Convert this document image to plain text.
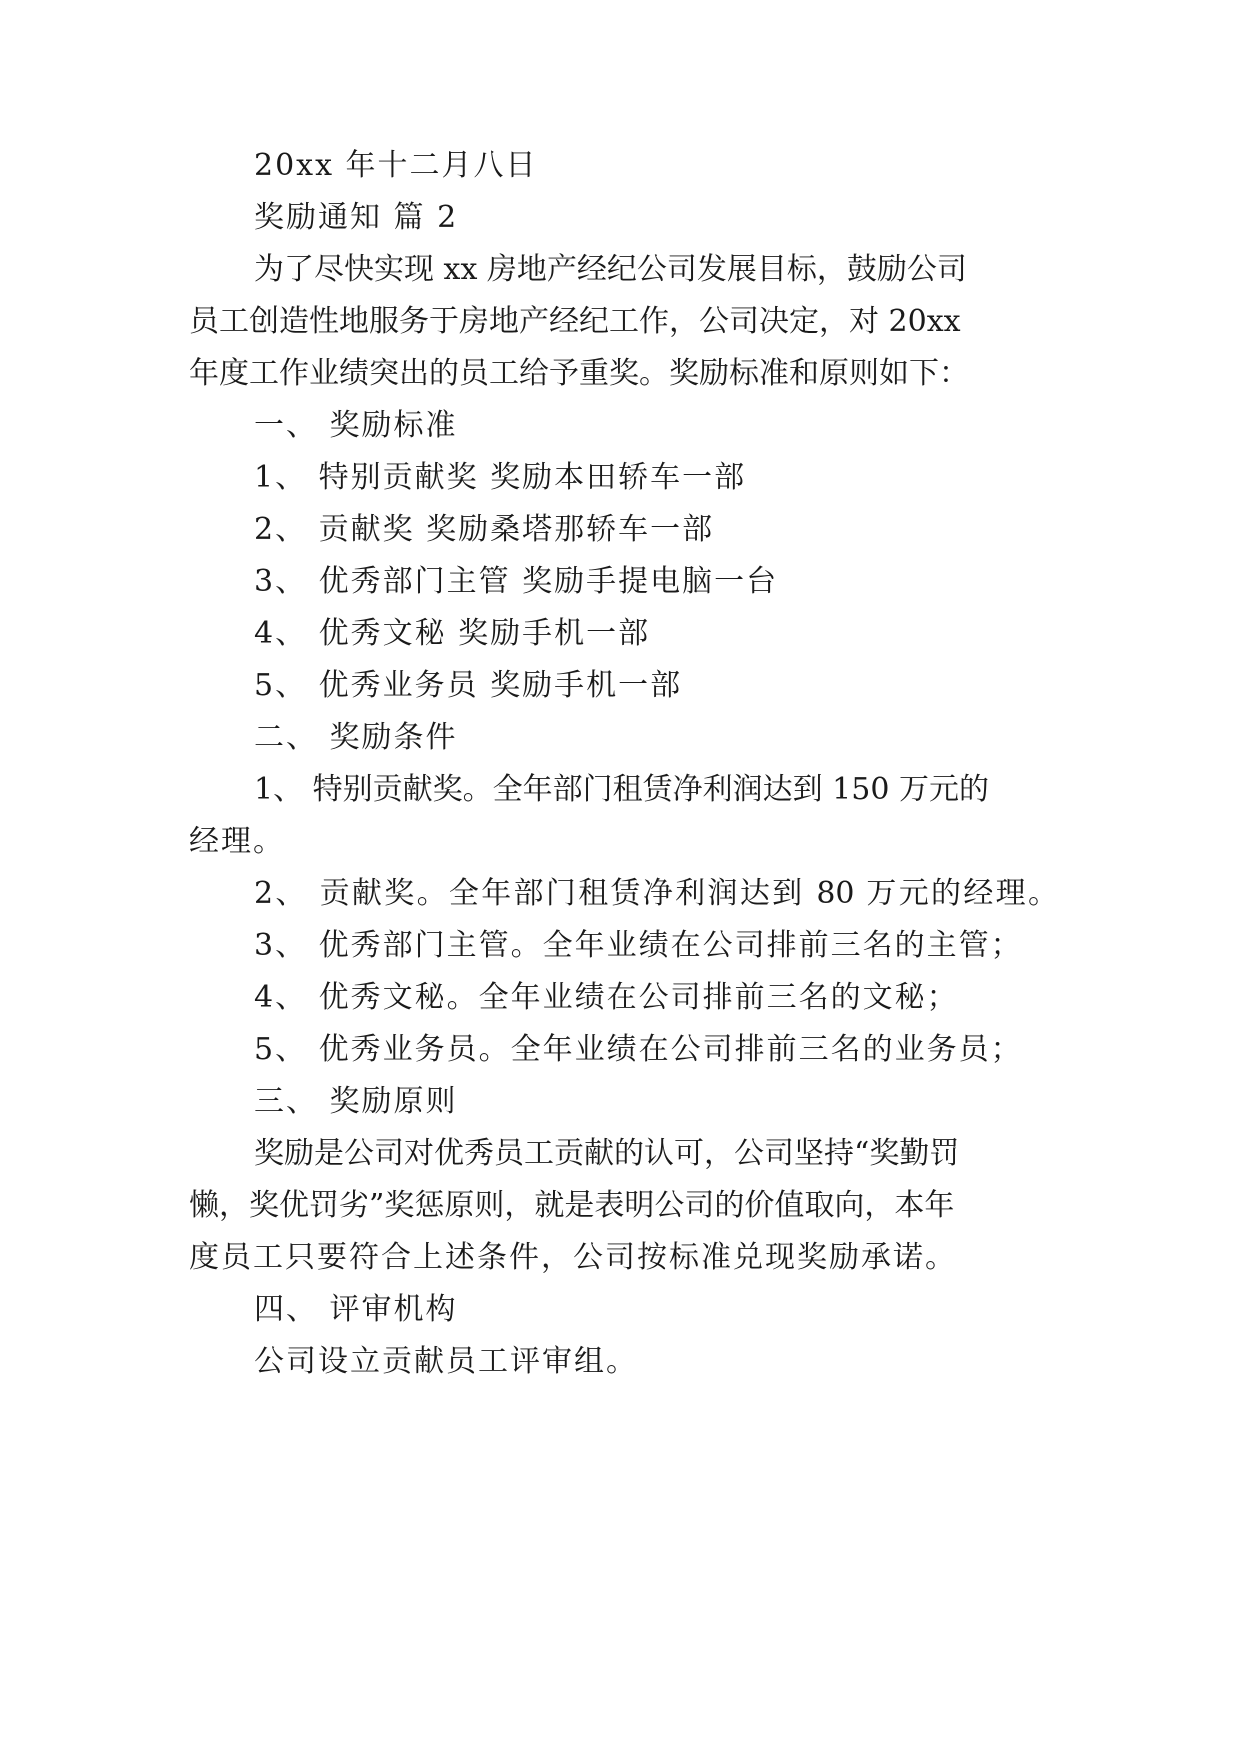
20xx 年十二月八日
奖励通知 篇 2
为了尽快实现 xx 房地产经纪公司发展目标，鼓励公司
员工创造性地服务于房地产经纪工作，公司决定，对 20xx
年度工作业绩突出的员工给予重奖。奖励标准和原则如下：
一、 奖励标准
1、 特别贡献奖 奖励本田轿车一部
2、 贡献奖 奖励桑塔那轿车一部
3、 优秀部门主管 奖励手提电脑一台
4、 优秀文秘 奖励手机一部
5、 优秀业务员 奖励手机一部
二、 奖励条件
1、 特别贡献奖。全年部门租赁净利润达到 150 万元的
经理。
2、 贡献奖。全年部门租赁净利润达到 80 万元的经理。
3、 优秀部门主管。全年业绩在公司排前三名的主管；
4、 优秀文秘。全年业绩在公司排前三名的文秘；
5、 优秀业务员。全年业绩在公司排前三名的业务员；
三、 奖励原则
奖励是公司对优秀员工贡献的认可，公司坚持“奖勤罚
懒，奖优罚劣”奖惩原则，就是表明公司的价值取向，本年
度员工只要符合上述条件，公司按标准兑现奖励承诺。
四、 评审机构
公司设立贡献员工评审组。
